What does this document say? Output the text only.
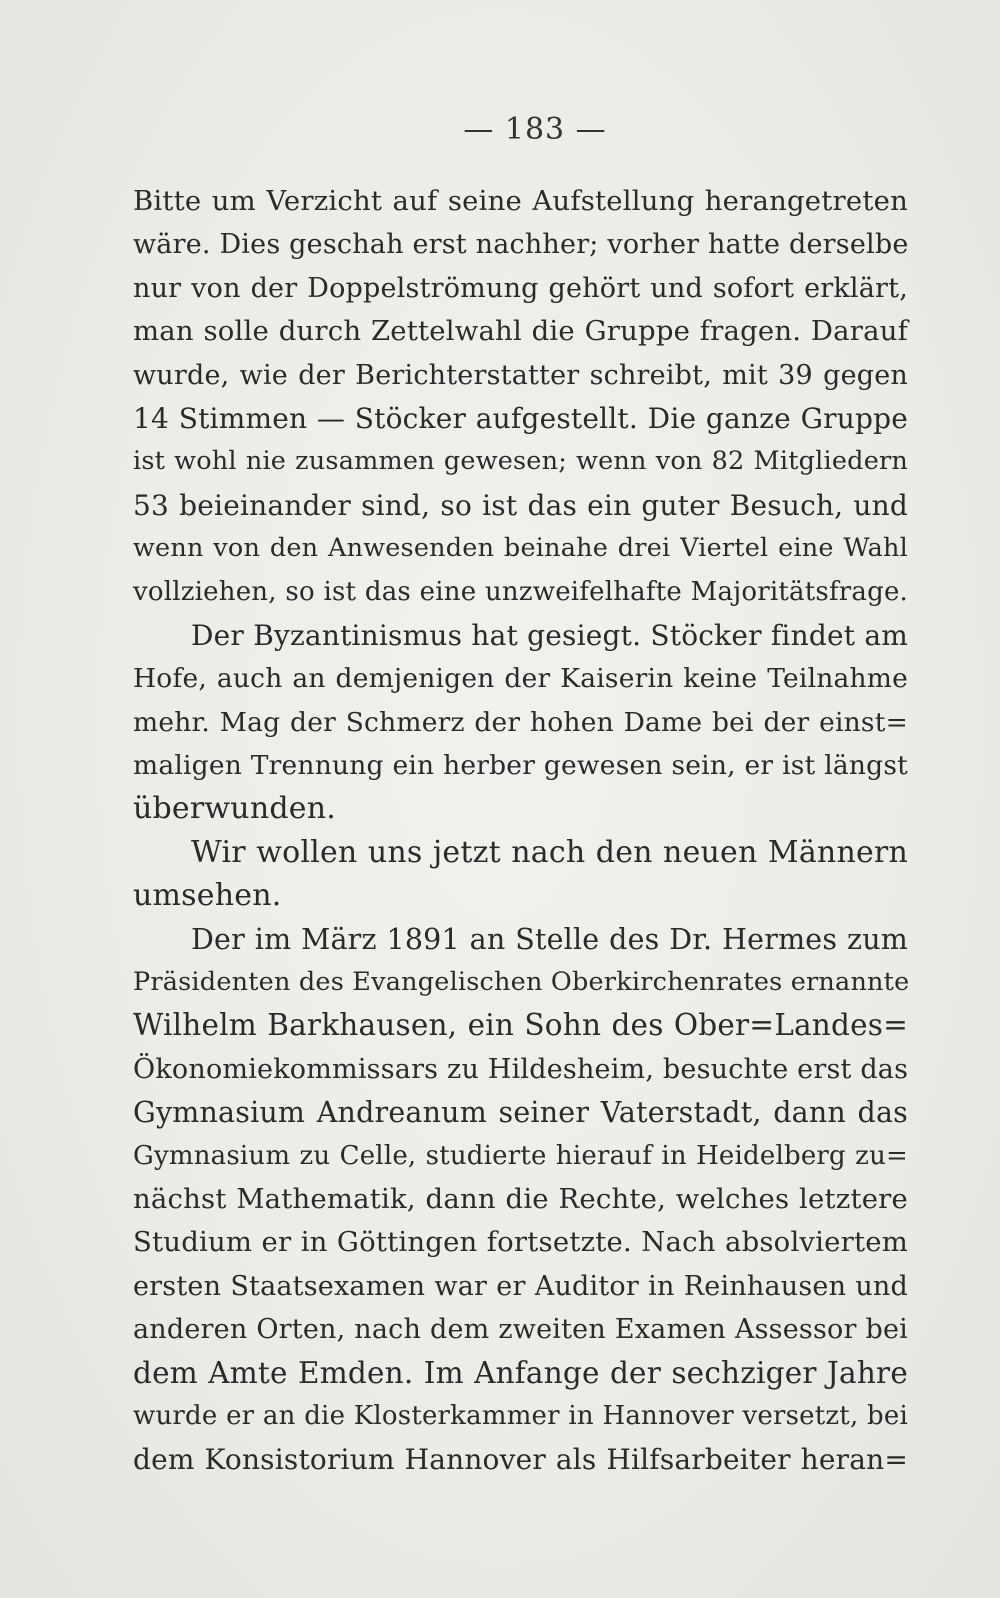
— 183 —
Bitte um Verzicht auf seine Aufstellung herangetreten
wäre. Dies geschah erst nachher; vorher hatte derselbe
nur von der Doppelströmung gehört und sofort erklärt,
man solle durch Zettelwahl die Gruppe fragen. Darauf
wurde, wie der Berichterstatter schreibt, mit 39 gegen
14 Stimmen — Stöcker aufgestellt. Die ganze Gruppe
ist wohl nie zusammen gewesen; wenn von 82 Mitgliedern
53 beieinander sind, so ist das ein guter Besuch, und
wenn von den Anwesenden beinahe drei Viertel eine Wahl
vollziehen, so ist das eine unzweifelhafte Majoritätsfrage.
Der Byzantinismus hat gesiegt. Stöcker findet am
Hofe, auch an demjenigen der Kaiserin keine Teilnahme
mehr. Mag der Schmerz der hohen Dame bei der einst=
maligen Trennung ein herber gewesen sein, er ist längst
überwunden.
Wir wollen uns jetzt nach den neuen Männern
umsehen.
Der im März 1891 an Stelle des Dr. Hermes zum
Präsidenten des Evangelischen Oberkirchenrates ernannte
Wilhelm Barkhausen, ein Sohn des Ober=Landes=
Ökonomiekommissars zu Hildesheim, besuchte erst das
Gymnasium Andreanum seiner Vaterstadt, dann das
Gymnasium zu Celle, studierte hierauf in Heidelberg zu=
nächst Mathematik, dann die Rechte, welches letztere
Studium er in Göttingen fortsetzte. Nach absolviertem
ersten Staatsexamen war er Auditor in Reinhausen und
anderen Orten, nach dem zweiten Examen Assessor bei
dem Amte Emden. Im Anfange der sechziger Jahre
wurde er an die Klosterkammer in Hannover versetzt, bei
dem Konsistorium Hannover als Hilfsarbeiter heran=
